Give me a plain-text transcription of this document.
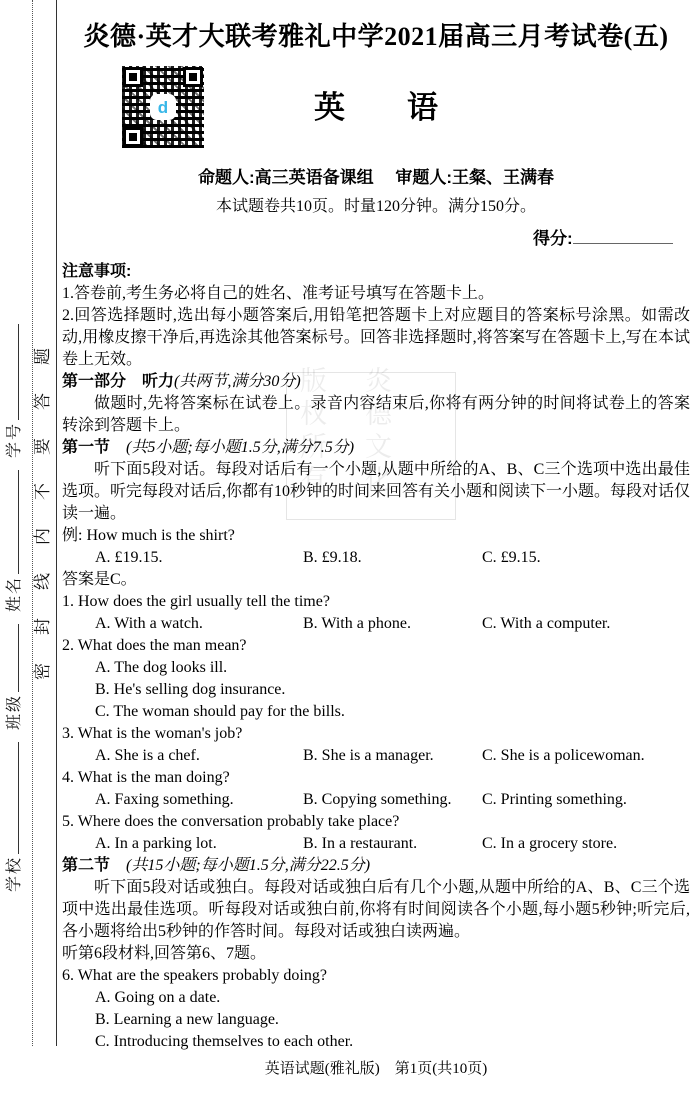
学校 班级 姓名 学号 密封线内不要答题	版权所有 炎德文化
炎德·英才大联考雅礼中学2021届高三月考试卷(五)
d	英　　语
命题人:高三英语备课组　 审题人:王粲、王满春
本试题卷共10页。时量120分钟。满分150分。
得分:
注意事项:
1.答卷前,考生务必将自己的姓名、准考证号填写在答题卡上。
2.回答选择题时,选出每小题答案后,用铅笔把答题卡上对应题目的答案标号涂黑。如需改动,用橡皮擦干净后,再选涂其他答案标号。回答非选择题时,将答案写在答题卡上,写在本试卷上无效。
第一部分　 听力(共两节,满分30分)
做题时,先将答案标在试卷上。录音内容结束后,你将有两分钟的时间将试卷上的答案转涂到答题卡上。
第一节　 (共5小题;每小题1.5分,满分7.5分)
听下面5段对话。每段对话后有一个小题,从题中所给的A、B、C三个选项中选出最佳选项。听完每段对话后,你都有10秒钟的时间来回答有关小题和阅读下一小题。每段对话仅读一遍。
例: How much is the shirt?
A. £19.15.	B. £9.18.	C. £9.15.
答案是C。
1. How does the girl usually tell the time?
A. With a watch.	B. With a phone.	C. With a computer.
2. What does the man mean?
A. The dog looks ill.
B. He's selling dog insurance.
C. The woman should pay for the bills.
3. What is the woman's job?
A. She is a chef.	B. She is a manager.	C. She is a policewoman.
4. What is the man doing?
A. Faxing something.	B. Copying something. C. Printing something.
5. Where does the conversation probably take place?
A. In a parking lot.	B. In a restaurant.	C. In a grocery store.
第二节　 (共15小题;每小题1.5分,满分22.5分)
听下面5段对话或独白。每段对话或独白后有几个小题,从题中所给的A、B、C三个选项中选出最佳选项。听每段对话或独白前,你将有时间阅读各个小题,每小题5秒钟;听完后,各小题将给出5秒钟的作答时间。每段对话或独白读两遍。
听第6段材料,回答第6、7题。
6. What are the speakers probably doing?
A. Going on a date.
B. Learning a new language.
C. Introducing themselves to each other.
英语试题(雅礼版)　第1页(共10页)
